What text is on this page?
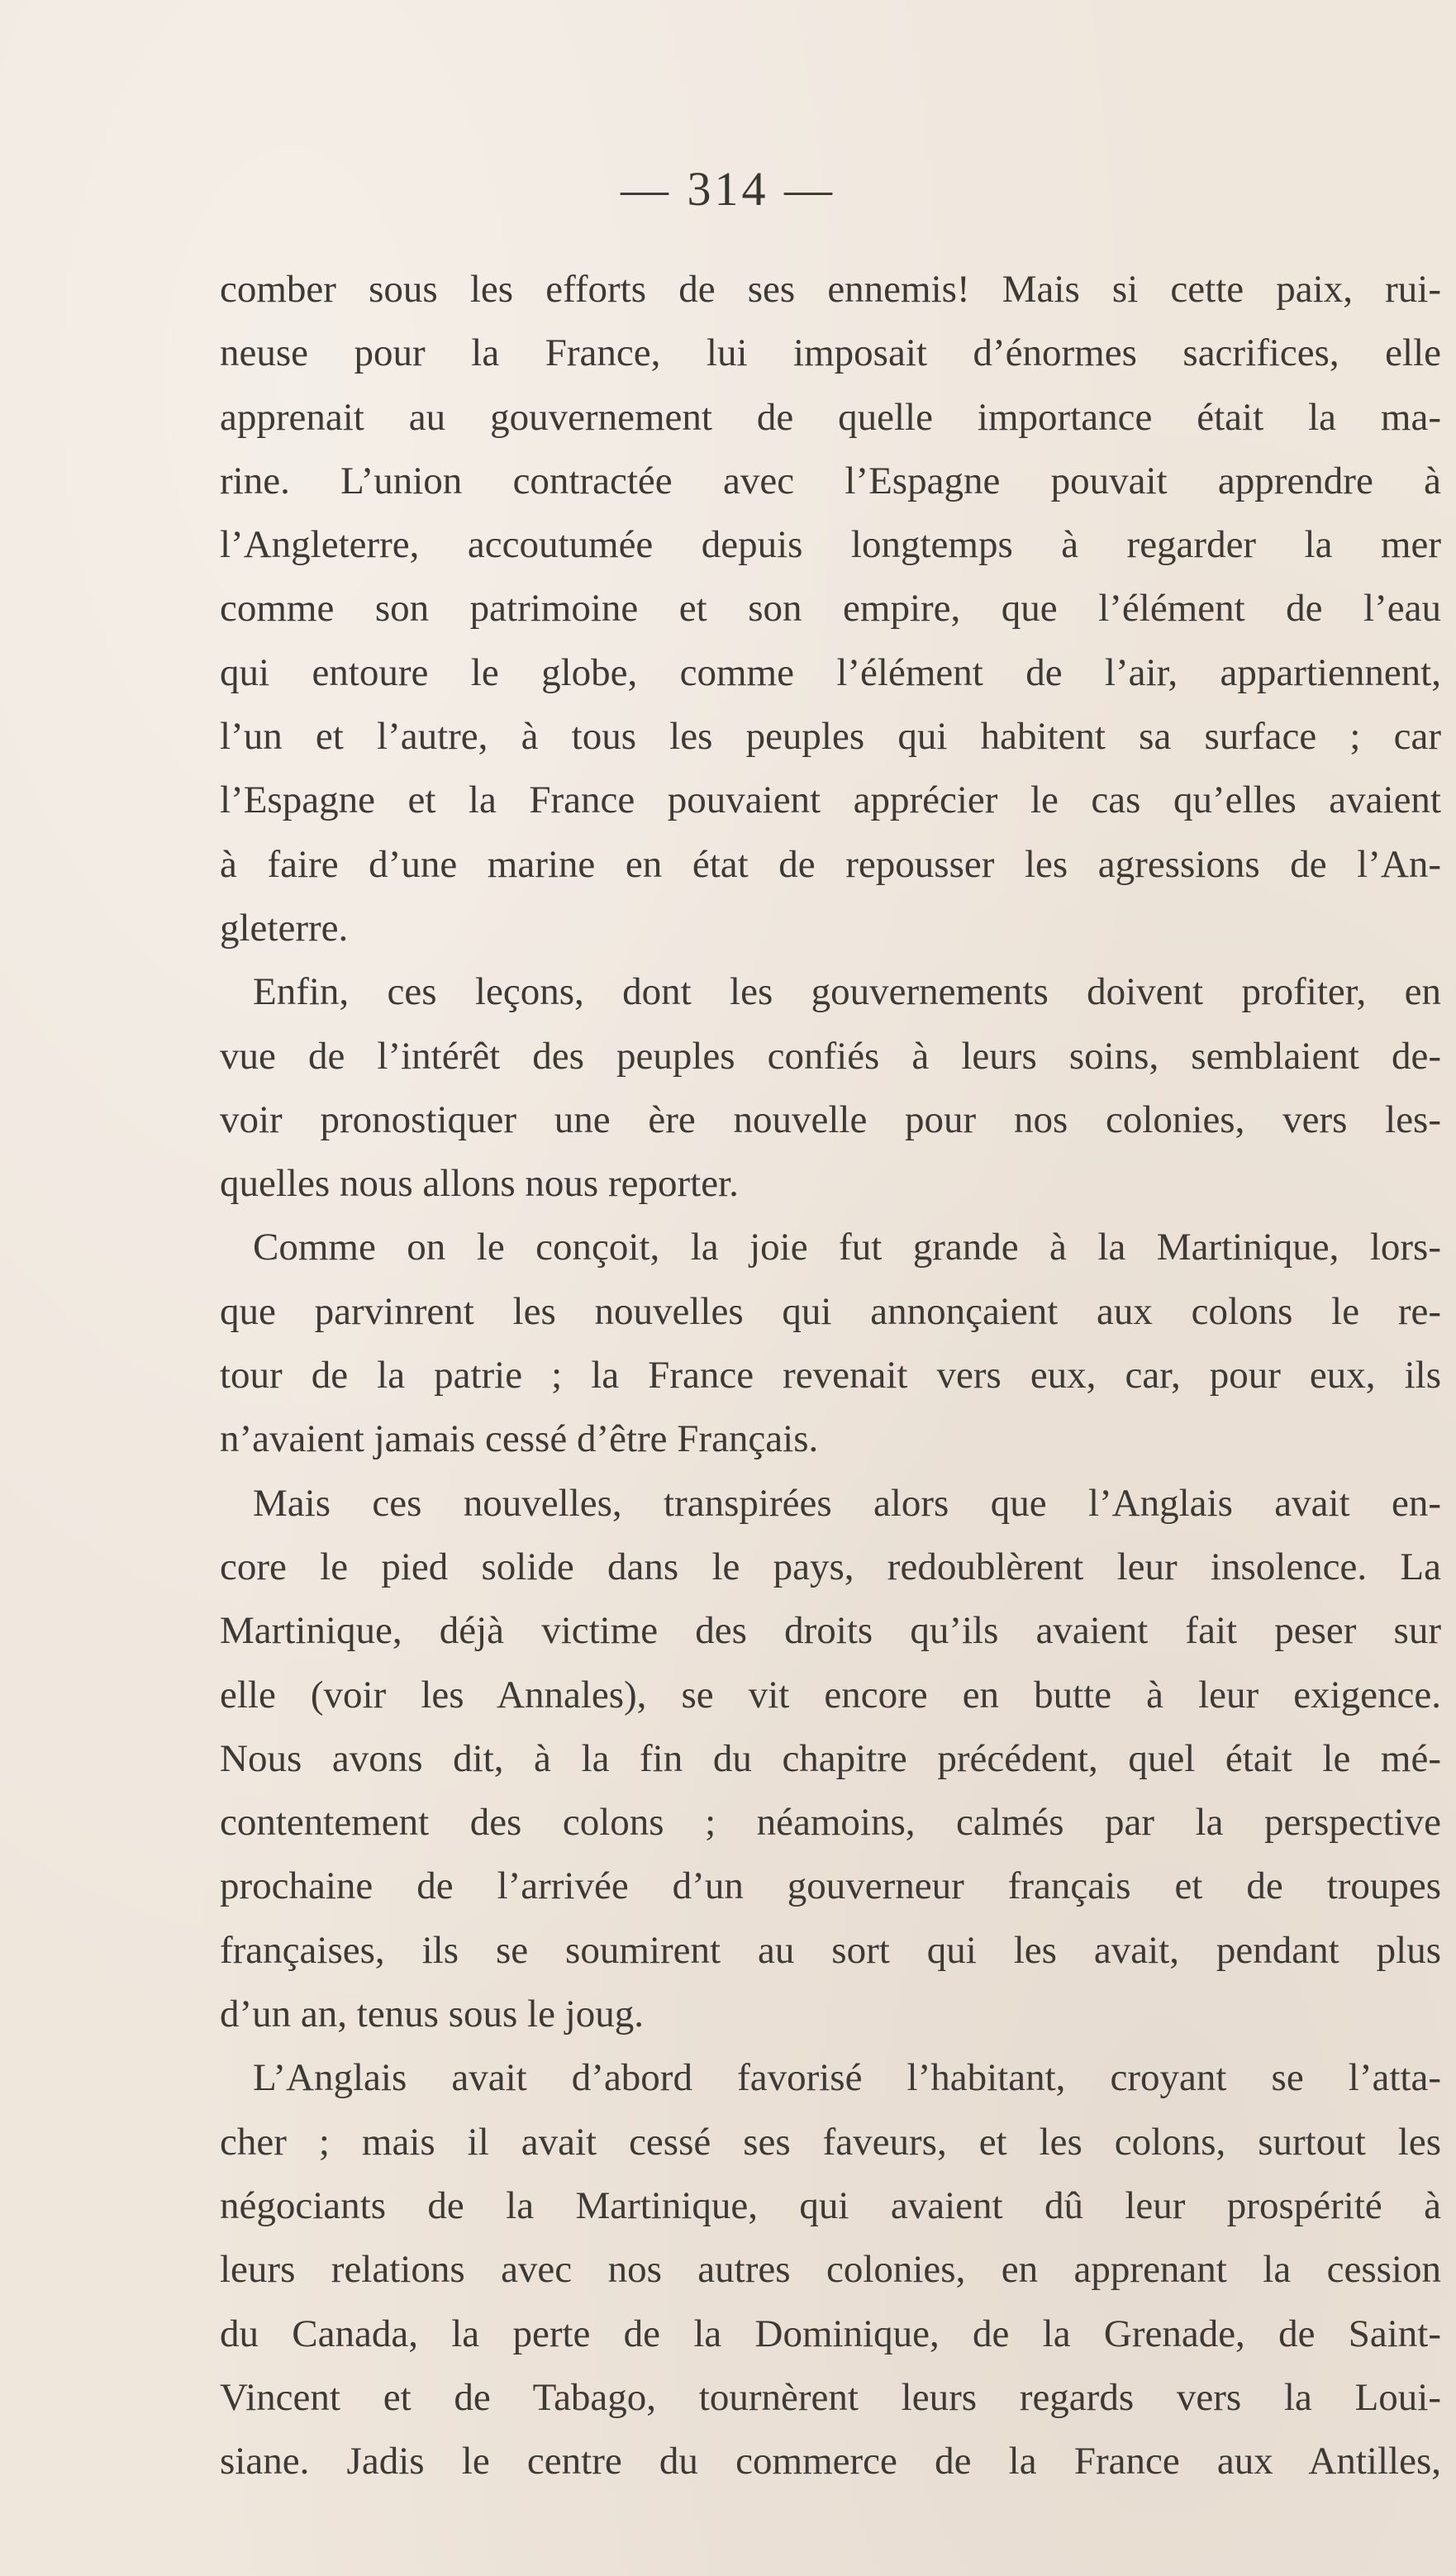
— 314 —
comber sous les efforts de ses ennemis! Mais si cette paix, rui-
neuse pour la France, lui imposait d’énormes sacrifices, elle
apprenait au gouvernement de quelle importance était la ma-
rine. L’union contractée avec l’Espagne pouvait apprendre à
l’Angleterre, accoutumée depuis longtemps à regarder la mer
comme son patrimoine et son empire, que l’élément de l’eau
qui entoure le globe, comme l’élément de l’air, appartiennent,
l’un et l’autre, à tous les peuples qui habitent sa surface ; car
l’Espagne et la France pouvaient apprécier le cas qu’elles avaient
à faire d’une marine en état de repousser les agressions de l’An-
gleterre.
Enfin, ces leçons, dont les gouvernements doivent profiter, en
vue de l’intérêt des peuples confiés à leurs soins, semblaient de-
voir pronostiquer une ère nouvelle pour nos colonies, vers les-
quelles nous allons nous reporter.
Comme on le conçoit, la joie fut grande à la Martinique, lors-
que parvinrent les nouvelles qui annonçaient aux colons le re-
tour de la patrie ; la France revenait vers eux, car, pour eux, ils
n’avaient jamais cessé d’être Français.
Mais ces nouvelles, transpirées alors que l’Anglais avait en-
core le pied solide dans le pays, redoublèrent leur insolence. La
Martinique, déjà victime des droits qu’ils avaient fait peser sur
elle (voir les Annales), se vit encore en butte à leur exigence.
Nous avons dit, à la fin du chapitre précédent, quel était le mé-
contentement des colons ; néamoins, calmés par la perspective
prochaine de l’arrivée d’un gouverneur français et de troupes
françaises, ils se soumirent au sort qui les avait, pendant plus
d’un an, tenus sous le joug.
L’Anglais avait d’abord favorisé l’habitant, croyant se l’atta-
cher ; mais il avait cessé ses faveurs, et les colons, surtout les
négociants de la Martinique, qui avaient dû leur prospérité à
leurs relations avec nos autres colonies, en apprenant la cession
du Canada, la perte de la Dominique, de la Grenade, de Saint-
Vincent et de Tabago, tournèrent leurs regards vers la Loui-
siane. Jadis le centre du commerce de la France aux Antilles,
